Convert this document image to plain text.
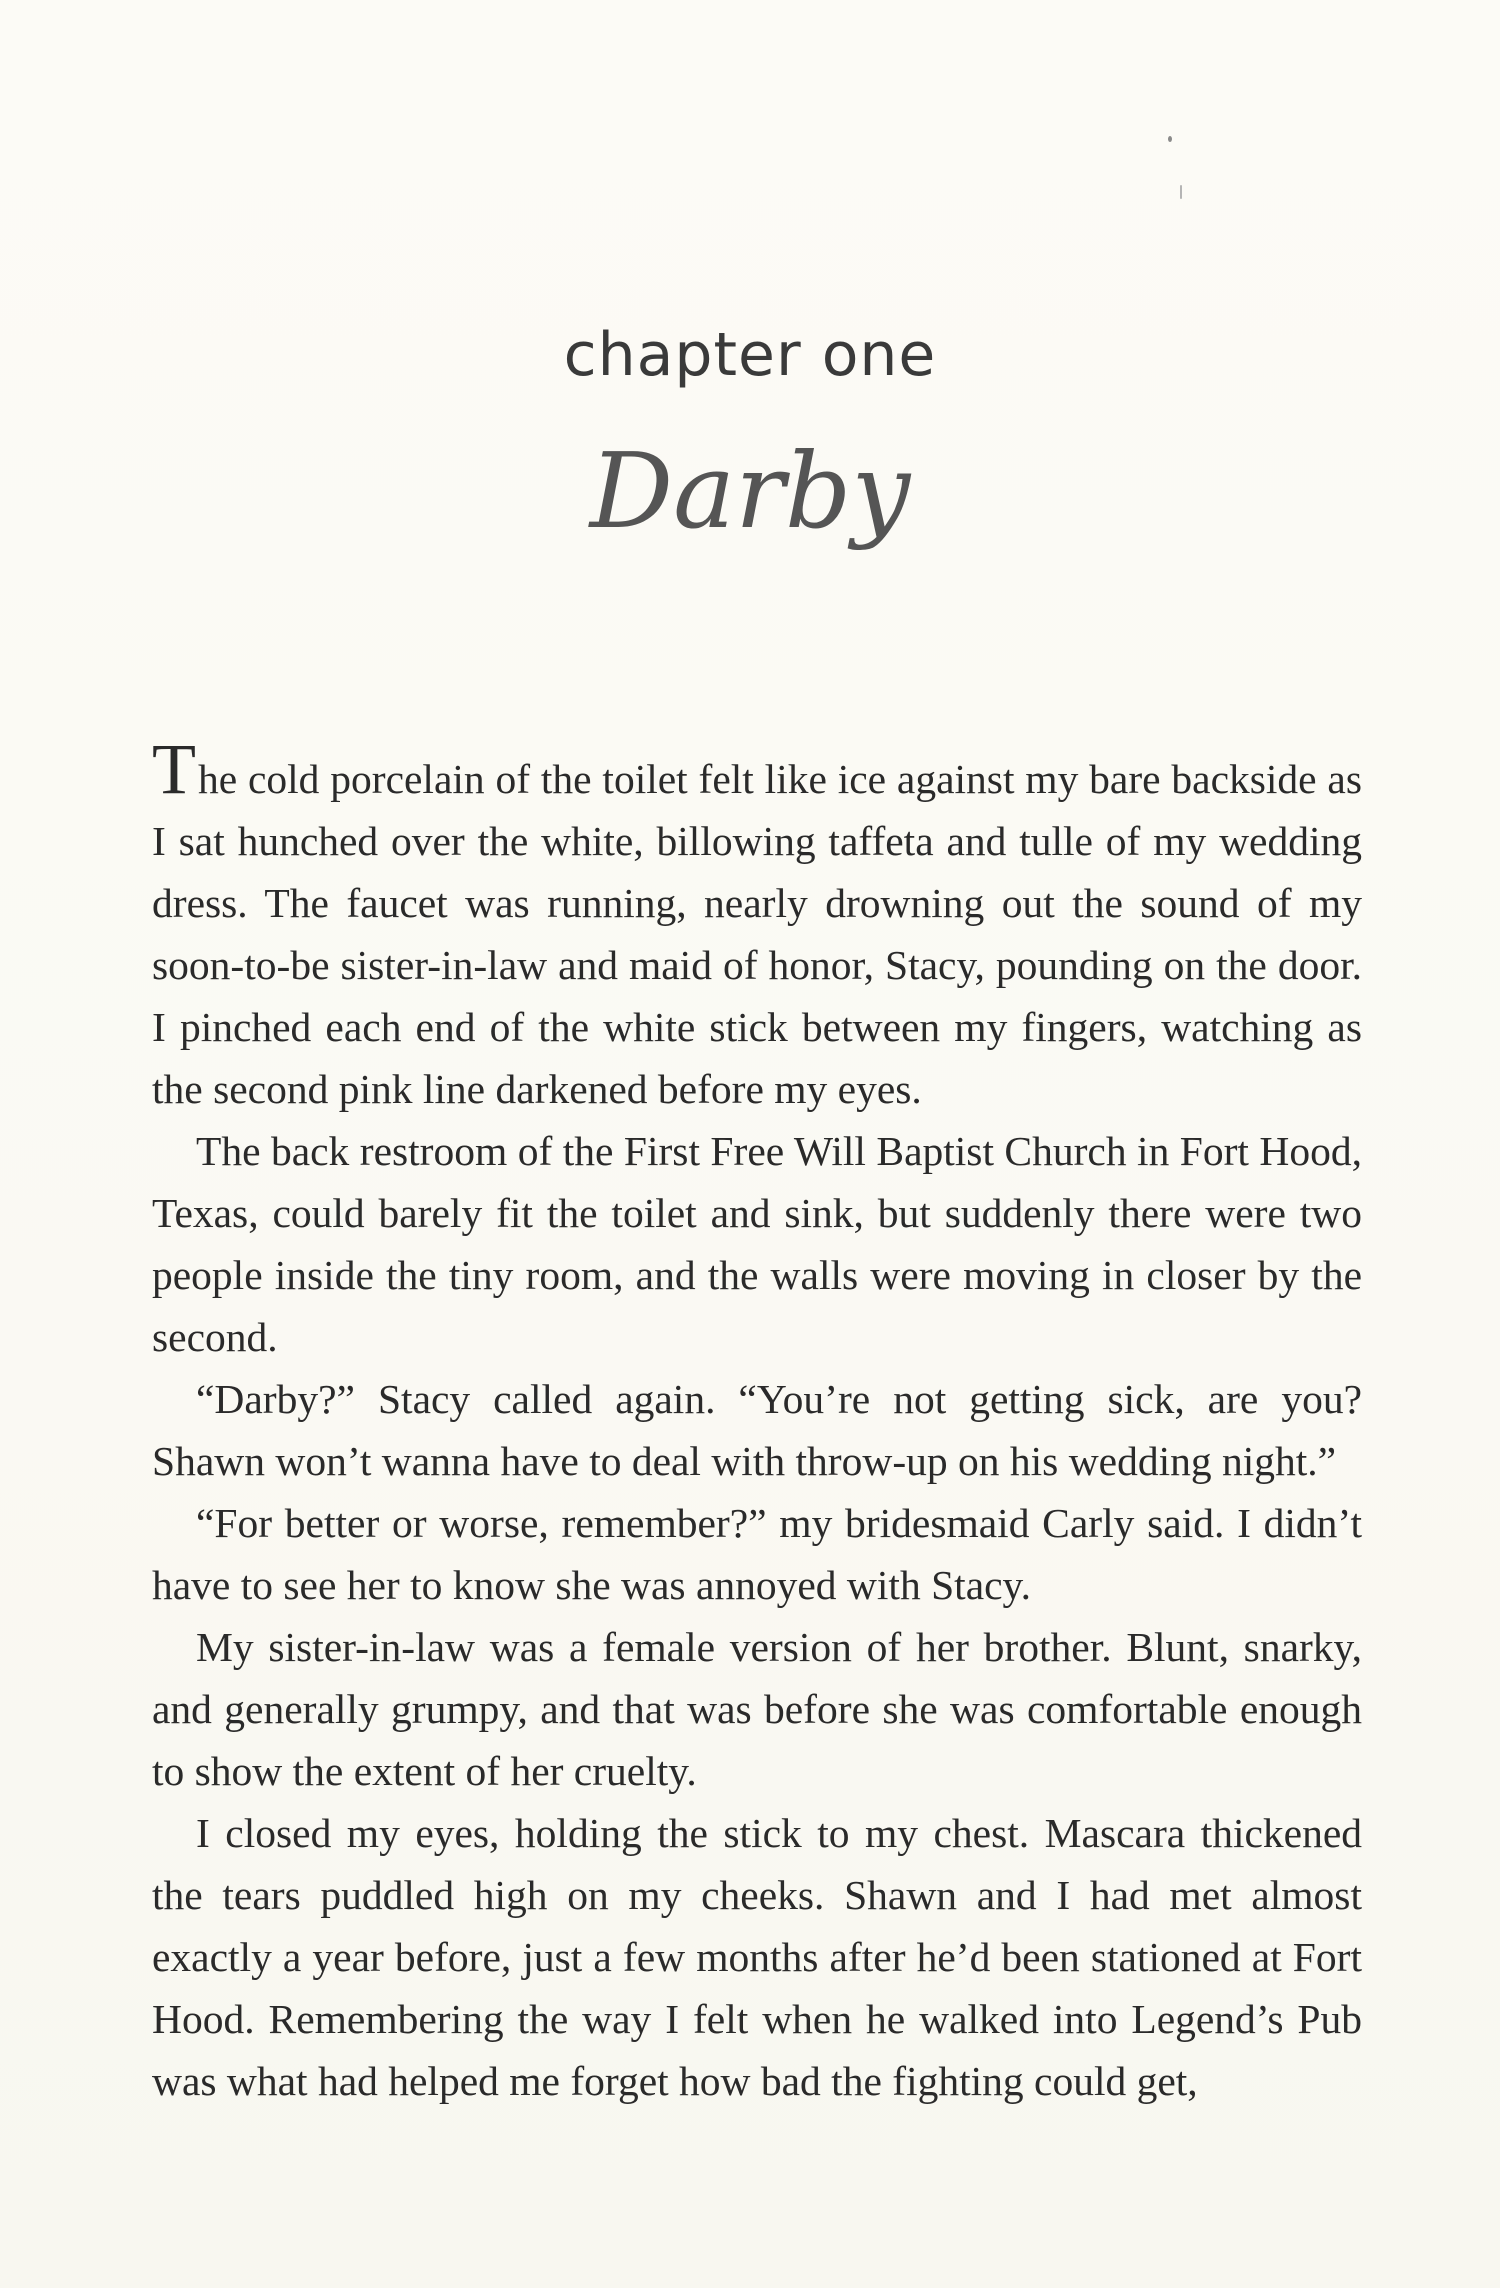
chapter one
Darby

The cold porcelain of the toilet felt like ice against my bare backside as I sat hunched over the white, billowing taffeta and tulle of my wedding dress. The faucet was running, nearly drowning out the sound of my soon-to-be sister-in-law and maid of honor, Stacy, pounding on the door. I pinched each end of the white stick between my fingers, watching as the second pink line darkened before my eyes.

The back restroom of the First Free Will Baptist Church in Fort Hood, Texas, could barely fit the toilet and sink, but suddenly there were two people inside the tiny room, and the walls were moving in closer by the second.

“Darby?” Stacy called again. “You’re not getting sick, are you? Shawn won’t wanna have to deal with throw-up on his wedding night.”

“For better or worse, remember?” my bridesmaid Carly said. I didn’t have to see her to know she was annoyed with Stacy.

My sister-in-law was a female version of her brother. Blunt, snarky, and generally grumpy, and that was before she was comfortable enough to show the extent of her cruelty.

I closed my eyes, holding the stick to my chest. Mascara thickened the tears puddled high on my cheeks. Shawn and I had met almost exactly a year before, just a few months after he’d been stationed at Fort Hood. Remembering the way I felt when he walked into Legend’s Pub was what had helped me forget how bad the fighting could get,
